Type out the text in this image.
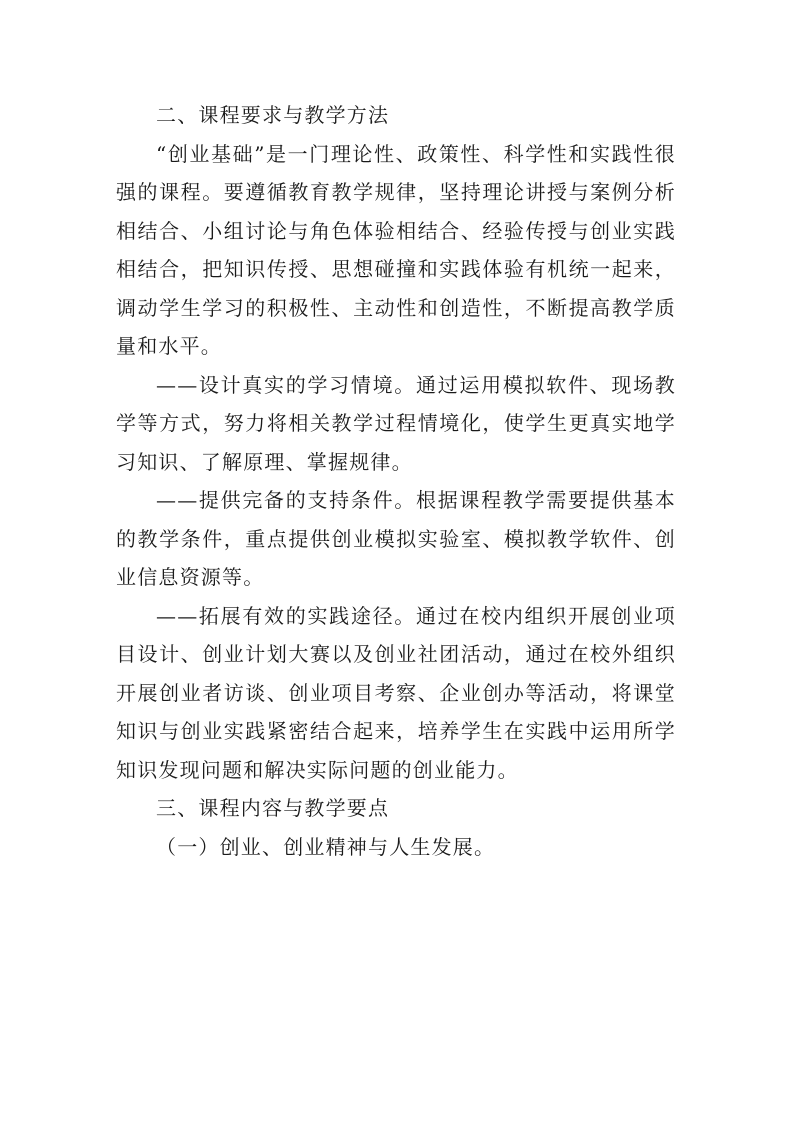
二、课程要求与教学方法

“创业基础”是一门理论性、政策性、科学性和实践性很强的课程。要遵循教育教学规律，坚持理论讲授与案例分析相结合、小组讨论与角色体验相结合、经验传授与创业实践相结合，把知识传授、思想碰撞和实践体验有机统一起来，调动学生学习的积极性、主动性和创造性，不断提高教学质量和水平。

——设计真实的学习情境。通过运用模拟软件、现场教学等方式，努力将相关教学过程情境化，使学生更真实地学习知识、了解原理、掌握规律。

——提供完备的支持条件。根据课程教学需要提供基本的教学条件，重点提供创业模拟实验室、模拟教学软件、创业信息资源等。

——拓展有效的实践途径。通过在校内组织开展创业项目设计、创业计划大赛以及创业社团活动，通过在校外组织开展创业者访谈、创业项目考察、企业创办等活动，将课堂知识与创业实践紧密结合起来，培养学生在实践中运用所学知识发现问题和解决实际问题的创业能力。

三、课程内容与教学要点

（一）创业、创业精神与人生发展。
